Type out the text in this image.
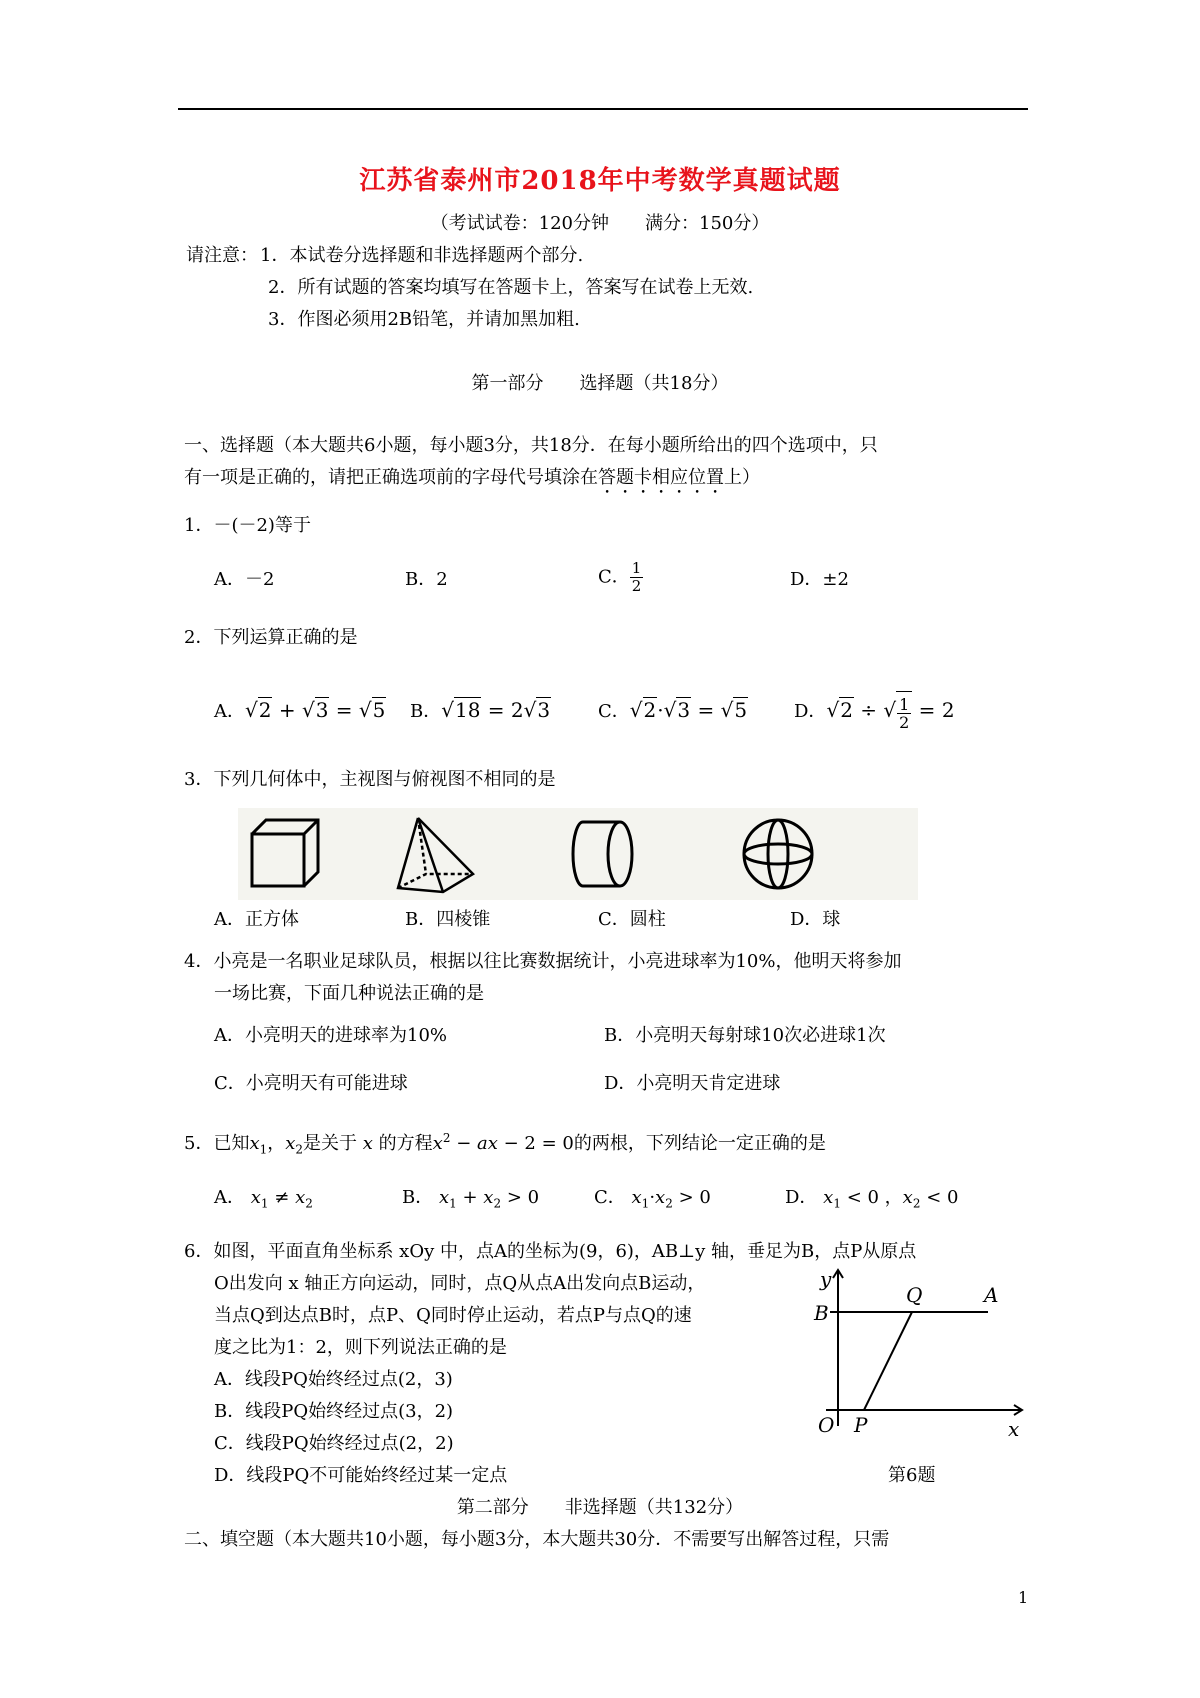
江苏省泰州市2018年中考数学真题试题
（考试试卷：120分钟　　满分：150分）
请注意： 1．本试卷分选择题和非选择题两个部分.
2．所有试题的答案均填写在答题卡上，答案写在试卷上无效.
3．作图必须用2B铅笔，并请加黑加粗.
第一部分　　选择题（共18分）
一、选择题（本大题共6小题，每小题3分，共18分．在每小题所给出的四个选项中，只
有一项是正确的，请把正确选项前的字母代号填涂在答题卡相应位置上）
1．－(－2)等于
A．－2	B．2	C． $\frac{1}{2}$	D．±2
2．下列运算正确的是
A．√2 + √3 = √5 B．√18 = 2√3	C．√2·√3 = √5	D．√2 ÷ √ $\frac{1}{2} = 2$
3．下列几何体中，主视图与俯视图不相同的是
A．正方体	B．四棱锥	C．圆柱	D．球
4．小亮是一名职业足球队员，根据以往比赛数据统计，小亮进球率为10%，他明天将参加
一场比赛，下面几种说法正确的是
A．小亮明天的进球率为10%	B．小亮明天每射球10次必进球1次
C．小亮明天有可能进球	D．小亮明天肯定进球
5．已知$x_1$，$x_2$是关于 x 的方程$x^2$ − ax − 2 = 0的两根，下列结论一定正确的是
A． $x_1 \ne x_2$	B． $x_1 + x_2 > 0$	C． $x_1\cdot x_2 > 0$	D． $x_1 < 0$ ，$x_2 < 0$
6．如图，平面直角坐标系 xOy 中，点A的坐标为(9，6)，AB⊥y 轴，垂足为B，点P从原点
O出发向 x 轴正方向运动，同时，点Q从点A出发向点B运动，
当点Q到达点B时，点P、Q同时停止运动，若点P与点Q的速
度之比为1：2，则下列说法正确的是
A．线段PQ始终经过点(2，3)
B．线段PQ始终经过点(3，2)
C．线段PQ始终经过点(2，2)
D．线段PQ不可能始终经过某一定点
y
x
O P
Q	A
B
第6题
第二部分　　非选择题（共132分）
二、填空题（本大题共10小题，每小题3分，本大题共30分．不需要写出解答过程，只需
1
